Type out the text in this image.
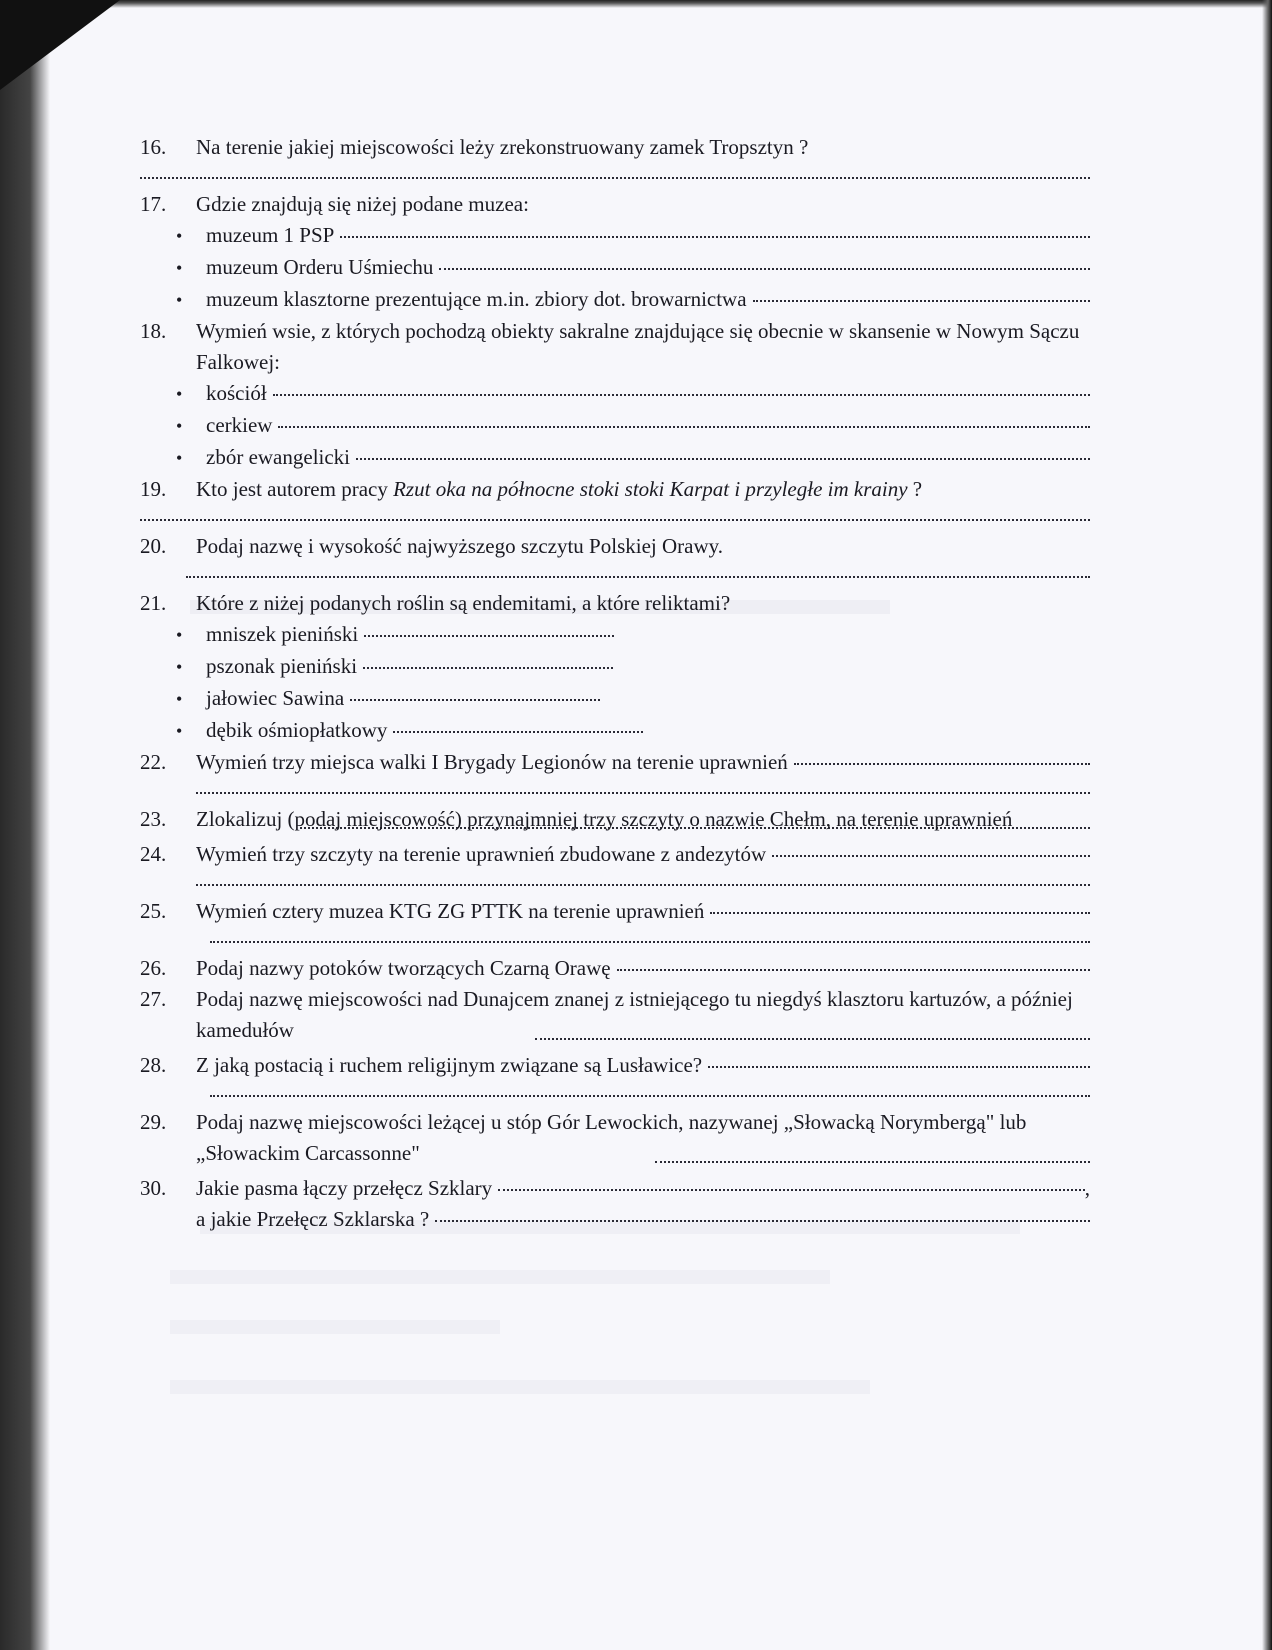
16.	Na terenie jakiej miejscowości leży zrekonstruowany zamek Tropsztyn ?
17.	Gdzie znajdują się niżej podane muzea:
•	muzeum 1 PSP
•	muzeum Orderu Uśmiechu
•	muzeum klasztorne prezentujące m.in. zbiory dot. browarnictwa
18.	Wymień wsie, z których pochodzą obiekty sakralne znajdujące się obecnie w skansenie w Nowym Sączu Falkowej:
•	kościół
•	cerkiew
•	zbór ewangelicki
19.	Kto jest autorem pracy Rzut oka na północne stoki stoki Karpat i przyległe im krainy ?
20.	Podaj nazwę i wysokość najwyższego szczytu Polskiej Orawy.
21.	Które z niżej podanych roślin są endemitami, a które reliktami?
•	mniszek pieniński
•	pszonak pieniński
•	jałowiec Sawina
•	dębik ośmiopłatkowy
22.	Wymień trzy miejsca walki I Brygady Legionów na terenie uprawnień
23.	Zlokalizuj (podaj miejscowość) przynajmniej trzy szczyty o nazwie Chełm, na terenie uprawnień
24.	Wymień trzy szczyty na terenie uprawnień zbudowane z andezytów
25.	Wymień cztery muzea KTG ZG PTTK na terenie uprawnień
26.	Podaj nazwy potoków tworzących Czarną Orawę
27.	Podaj nazwę miejscowości nad Dunajcem znanej z istniejącego tu niegdyś klasztoru kartuzów, a później kamedułów
28.	Z jaką postacią i ruchem religijnym związane są Lusławice?
29.	Podaj nazwę miejscowości leżącej u stóp Gór Lewockich, nazywanej „Słowacką Norymbergą" lub „Słowackim Carcassonne"
30.	Jakie pasma łączy przełęcz Szklary	,
a jakie Przełęcz Szklarska ?
